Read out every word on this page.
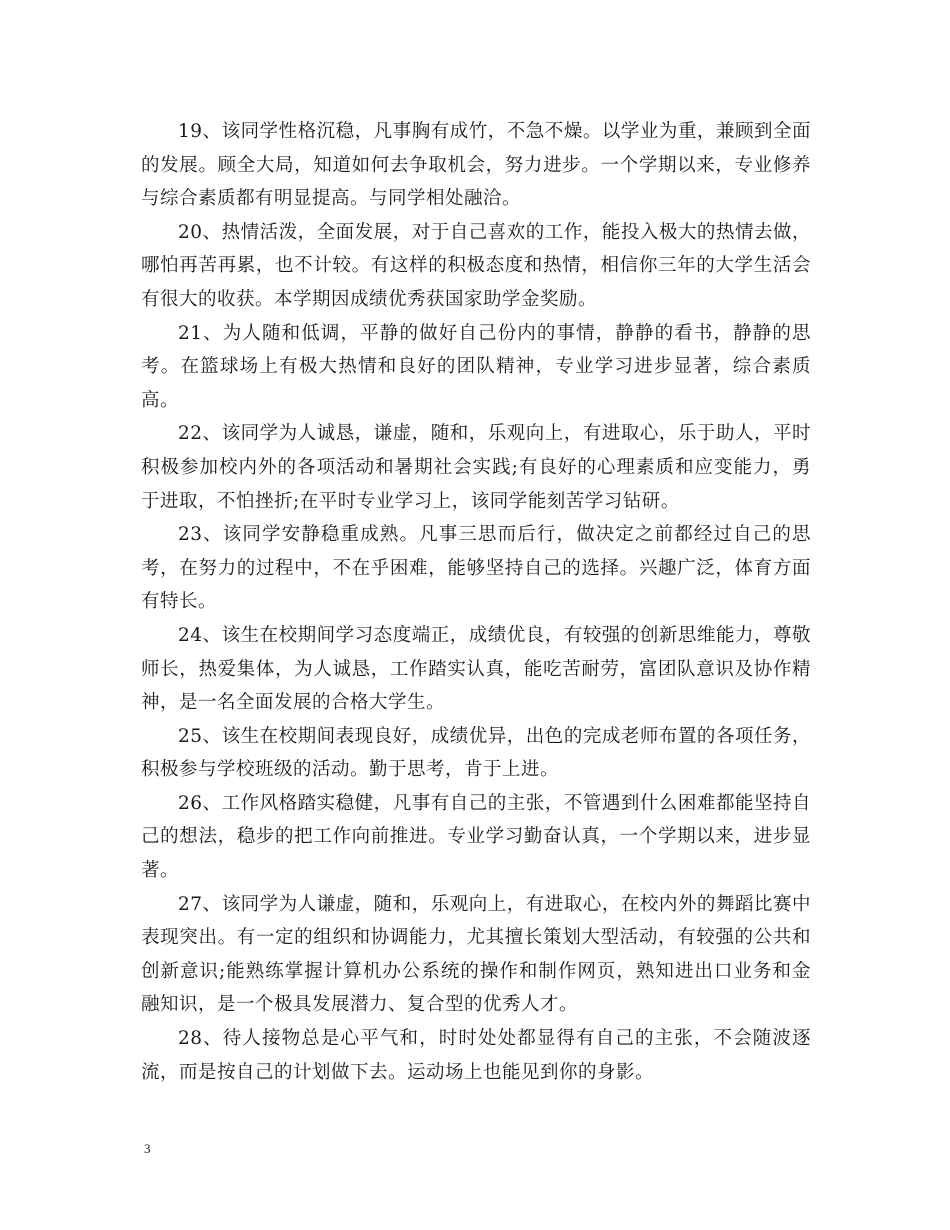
19、该同学性格沉稳，凡事胸有成竹，不急不燥。以学业为重，兼顾到全面的发展。顾全大局，知道如何去争取机会，努力进步。一个学期以来，专业修养与综合素质都有明显提高。与同学相处融洽。

20、热情活泼，全面发展，对于自己喜欢的工作，能投入极大的热情去做，哪怕再苦再累，也不计较。有这样的积极态度和热情，相信你三年的大学生活会有很大的收获。本学期因成绩优秀获国家助学金奖励。

21、为人随和低调，平静的做好自己份内的事情，静静的看书，静静的思考。在篮球场上有极大热情和良好的团队精神，专业学习进步显著，综合素质高。

22、该同学为人诚恳，谦虚，随和，乐观向上，有进取心，乐于助人，平时积极参加校内外的各项活动和暑期社会实践;有良好的心理素质和应变能力，勇于进取，不怕挫折;在平时专业学习上，该同学能刻苦学习钻研。

23、该同学安静稳重成熟。凡事三思而后行，做决定之前都经过自己的思考，在努力的过程中，不在乎困难，能够坚持自己的选择。兴趣广泛，体育方面有特长。

24、该生在校期间学习态度端正，成绩优良，有较强的创新思维能力，尊敬师长，热爱集体，为人诚恳，工作踏实认真，能吃苦耐劳，富团队意识及协作精神，是一名全面发展的合格大学生。

25、该生在校期间表现良好，成绩优异，出色的完成老师布置的各项任务，积极参与学校班级的活动。勤于思考，肯于上进。

26、工作风格踏实稳健，凡事有自己的主张，不管遇到什么困难都能坚持自己的想法，稳步的把工作向前推进。专业学习勤奋认真，一个学期以来，进步显著。

27、该同学为人谦虚，随和，乐观向上，有进取心，在校内外的舞蹈比赛中表现突出。有一定的组织和协调能力，尤其擅长策划大型活动，有较强的公共和创新意识;能熟练掌握计算机办公系统的操作和制作网页，熟知进出口业务和金融知识，是一个极具发展潜力、复合型的优秀人才。

28、待人接物总是心平气和，时时处处都显得有自己的主张，不会随波逐流，而是按自己的计划做下去。运动场上也能见到你的身影。

3
